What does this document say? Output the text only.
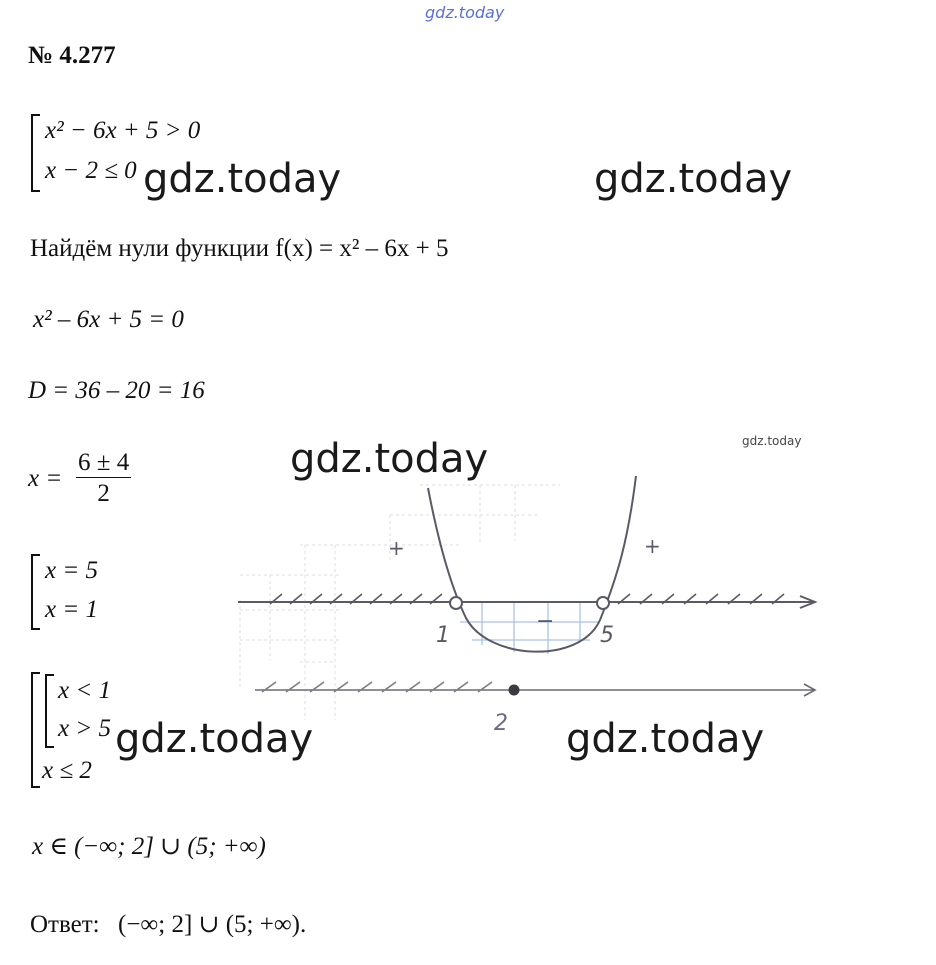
gdz.today
№ 4.277
x² − 6x + 5 > 0
x − 2 ≤ 0 gdz.today	gdz.today
Найдём нули функции f(x) = x² – 6x + 5
x² – 6x + 5 = 0
D = 36 – 20 = 16
$x = \frac{6 \pm 4}{2}$	gdz.today	gdz.today
x = 5
x = 1
x < 1
x > 5
x ≤ 2
gdz.today	gdz.today
x ∈ (−∞; 2] ∪ (5; +∞)
Ответ: (−∞; 2] ∪ (5; +∞).
1	5
+	+
−
2
